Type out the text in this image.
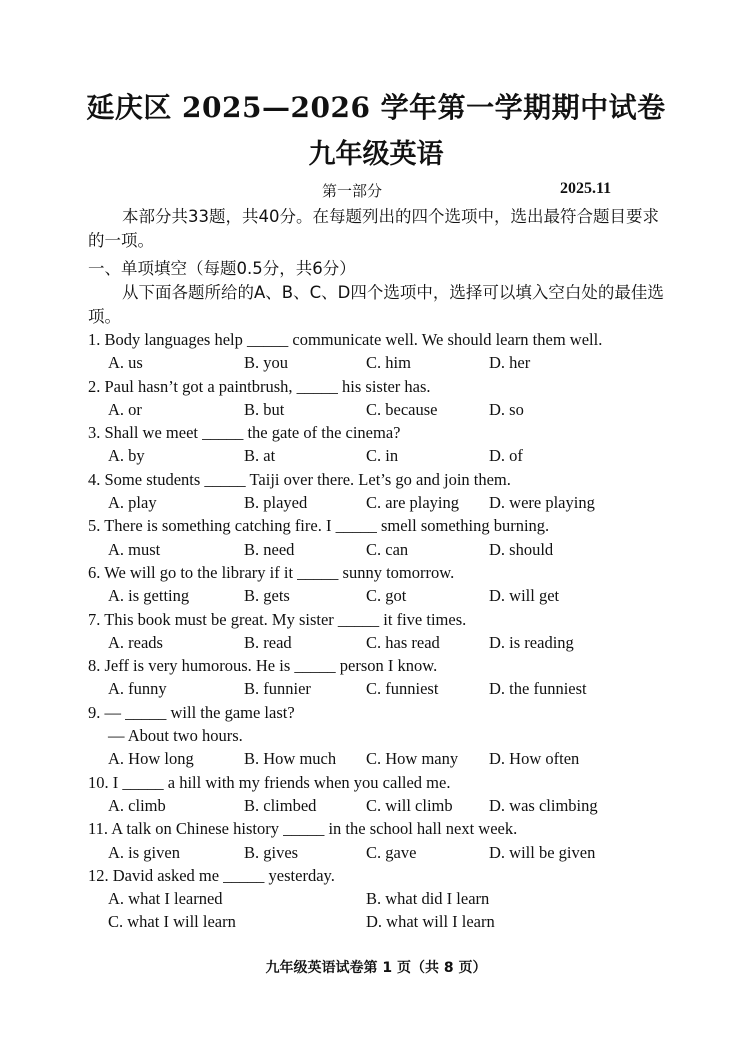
延庆区 2025—2026 学年第一学期期中试卷
九年级英语
第一部分	2025.11
本部分共33题，共40分。在每题列出的四个选项中，选出最符合题目要求的一项。
一、单项填空（每题0.5分，共6分）
从下面各题所给的A、B、C、D四个选项中，选择可以填入空白处的最佳选项。
1. Body languages help _____ communicate well. We should learn them well.
A. us	B. you	C. him	D. her
2. Paul hasn’t got a paintbrush, _____ his sister has.
A. or	B. but	C. because	D. so
3. Shall we meet _____ the gate of the cinema?
A. by	B. at	C. in	D. of
4. Some students _____ Taiji over there. Let’s go and join them.
A. play	B. played	C. are playing D. were playing
5. There is something catching fire. I _____ smell something burning.
A. must	B. need	C. can	D. should
6. We will go to the library if it _____ sunny tomorrow.
A. is getting	B. gets	C. got	D. will get
7. This book must be great. My sister _____ it five times.
A. reads	B. read	C. has read	D. is reading
8. Jeff is very humorous. He is _____ person I know.
A. funny	B. funnier	C. funniest	D. the funniest
9. — _____ will the game last?
— About two hours.
A. How long	B. How much C. How many D. How often
10. I _____ a hill with my friends when you called me.
A. climb	B. climbed	C. will climb D. was climbing
11. A talk on Chinese history _____ in the school hall next week.
A. is given	B. gives	C. gave	D. will be given
12. David asked me _____ yesterday.
A. what I learned	B. what did I learn
C. what I will learn	D. what will I learn
九年级英语试卷第 1 页（共 8 页）
